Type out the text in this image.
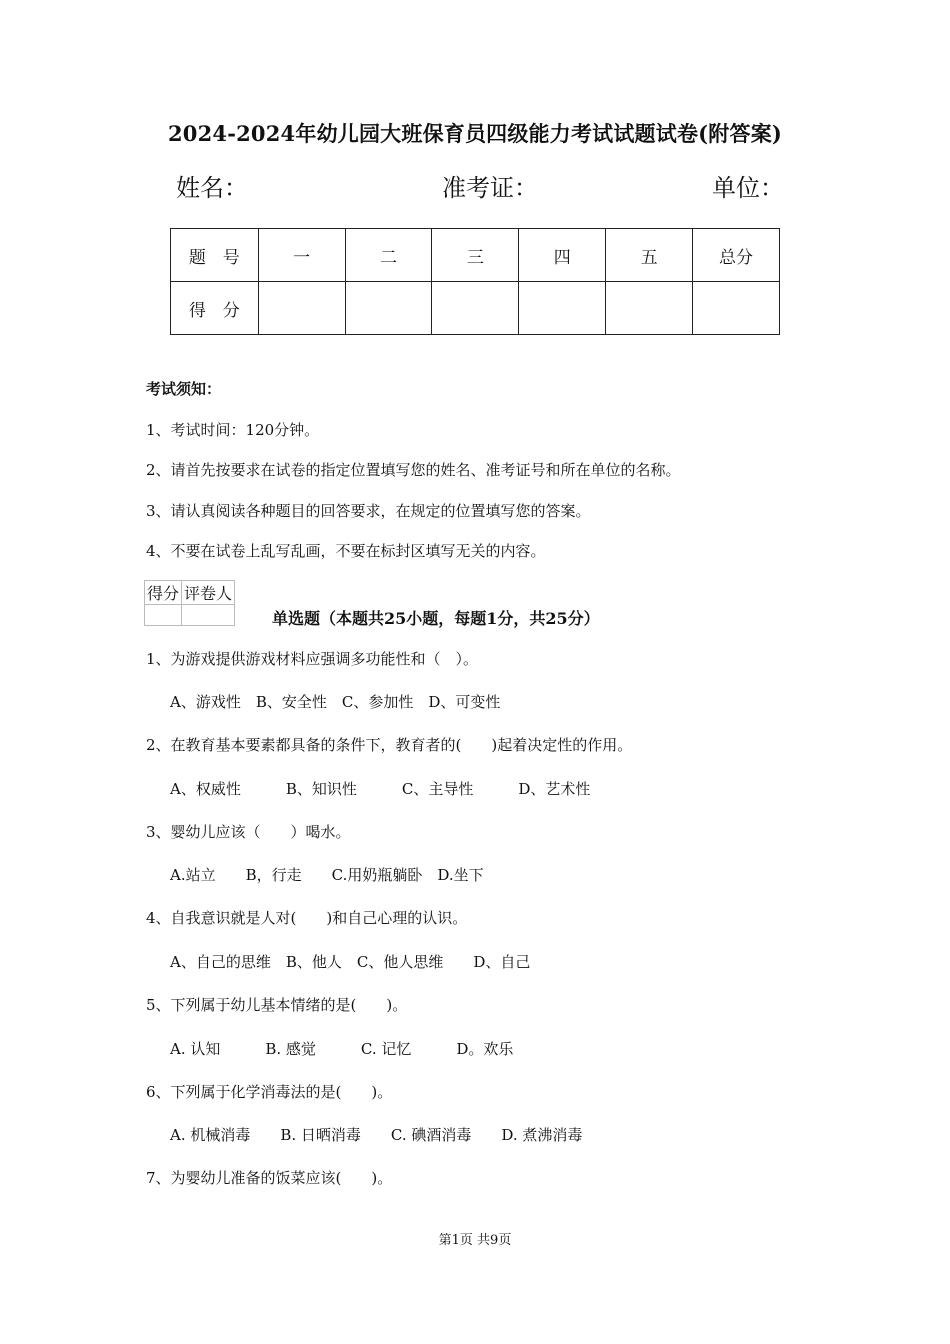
2024-2024年幼儿园大班保育员四级能力考试试题试卷(附答案)
姓名：	准考证：	单位：
题　号	一	二	三	四	五	总分
得　分						
考试须知：
1、考试时间：120分钟。
2、请首先按要求在试卷的指定位置填写您的姓名、准考证号和所在单位的名称。
3、请认真阅读各种题目的回答要求，在规定的位置填写您的答案。
4、不要在试卷上乱写乱画，不要在标封区填写无关的内容。
得分	评卷人

单选题（本题共25小题，每题1分，共25分）
1、为游戏提供游戏材料应强调多功能性和（　）。
A、游戏性　B、安全性　C、参加性　D、可变性
2、在教育基本要素都具备的条件下，教育者的(　　)起着决定性的作用。
A、权威性　　　B、知识性　　　C、主导性　　　D、艺术性
3、婴幼儿应该（　　）喝水。
A.站立　　B，行走　　C.用奶瓶躺卧　D.坐下
4、自我意识就是人对(　　)和自己心理的认识。
A、自己的思维　B、他人　C、他人思维　　D、自己
5、下列属于幼儿基本情绪的是(　　)。
A. 认知　　　B. 感觉　　　C. 记忆　　　D。欢乐
6、下列属于化学消毒法的是(　　)。
A. 机械消毒　　B. 日晒消毒　　C. 碘酒消毒　　D. 煮沸消毒
7、为婴幼儿准备的饭菜应该(　　)。
第1页 共9页
